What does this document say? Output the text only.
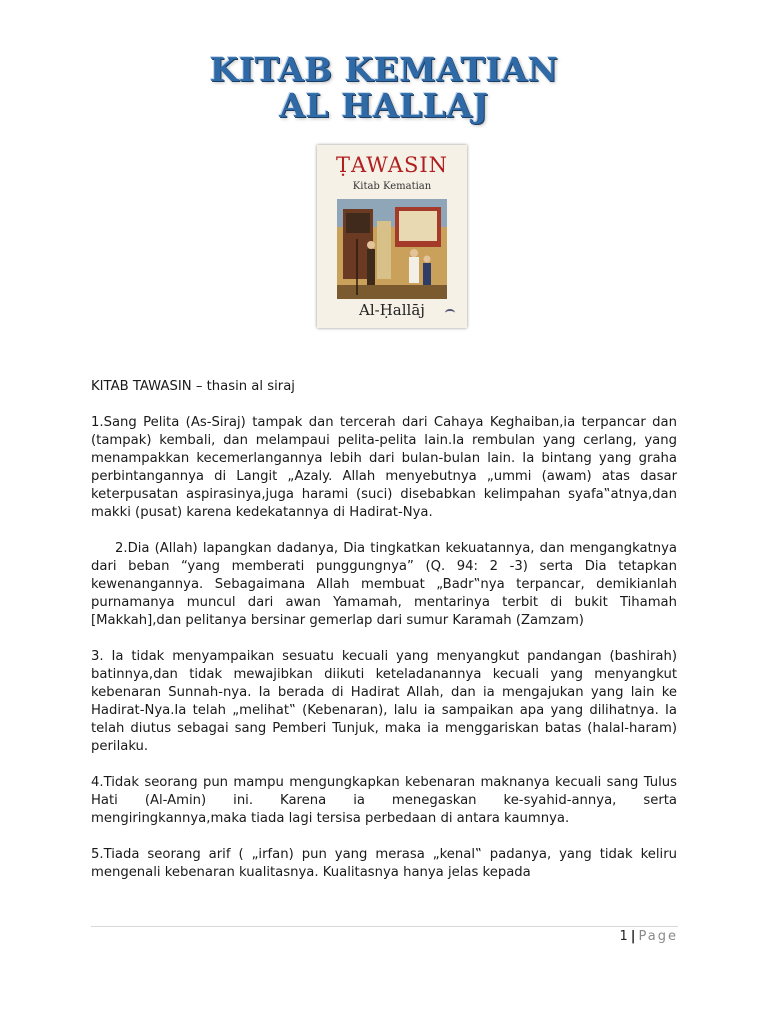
KITAB KEMATIAN
AL HALLAJ
ṬAWASIN
Kitab Kematian
Al-Ḥallāj
KITAB TAWASIN – thasin al siraj

1.Sang Pelita (As-Siraj) tampak dan tercerah dari Cahaya Keghaiban,ia terpancar dan (tampak) kembali, dan melampaui pelita-pelita lain.Ia rembulan yang cerlang, yang menampakkan kecemerlangannya lebih dari bulan-bulan lain. Ia bintang yang graha perbintangannya di Langit „Azaly. Allah menyebutnya „ummi (awam) atas dasar keterpusatan aspirasinya,juga harami (suci) disebabkan kelimpahan syafa‟atnya,dan makki (pusat) karena kedekatannya di Hadirat-Nya.

2.Dia (Allah) lapangkan dadanya, Dia tingkatkan kekuatannya, dan mengangkatnya dari beban “yang memberati punggungnya” (Q. 94: 2 -3) serta Dia tetapkan kewenangannya. Sebagaimana Allah membuat „Badr‟nya terpancar, demikianlah purnamanya muncul dari awan Yamamah, mentarinya terbit di bukit Tihamah [Makkah],dan pelitanya bersinar gemerlap dari sumur Karamah (Zamzam)

3. Ia tidak menyampaikan sesuatu kecuali yang menyangkut pandangan (bashirah) batinnya,dan tidak mewajibkan diikuti keteladanannya kecuali yang menyangkut kebenaran Sunnah-nya. Ia berada di Hadirat Allah, dan ia mengajukan yang lain ke Hadirat-Nya.Ia telah „melihat‟ (Kebenaran), lalu ia sampaikan apa yang dilihatnya. Ia telah diutus sebagai sang Pemberi Tunjuk, maka ia menggariskan batas (halal-haram) perilaku.

4.Tidak seorang pun mampu mengungkapkan kebenaran maknanya kecuali sang Tulus Hati (Al-Amin) ini. Karena ia menegaskan ke-syahid-annya, serta mengiringkannya,maka tiada lagi tersisa perbedaan di antara kaumnya.

5.Tiada seorang arif ( „irfan) pun yang merasa „kenal‟ padanya, yang tidak keliru mengenali kebenaran kualitasnya. Kualitasnya hanya jelas kepada

1 | Page
